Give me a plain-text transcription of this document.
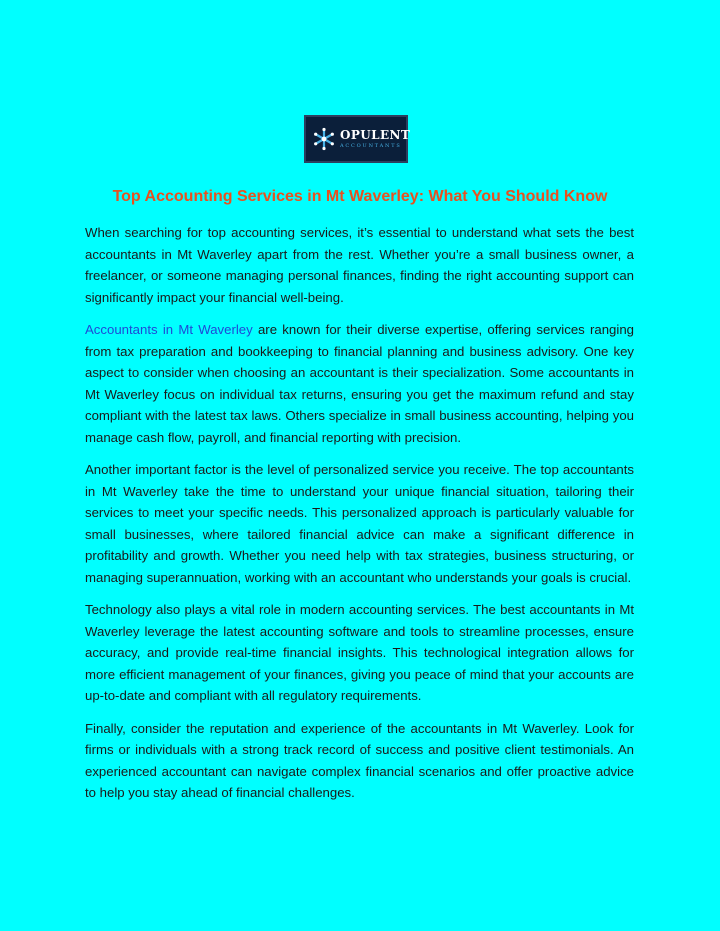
OPULENT
ACCOUNTANTS
Top Accounting Services in Mt Waverley: What You Should Know

When searching for top accounting services, it’s essential to understand what sets the best accountants in Mt Waverley apart from the rest. Whether you’re a small business owner, a freelancer, or someone managing personal finances, finding the right accounting support can significantly impact your financial well-being.

Accountants in Mt Waverley are known for their diverse expertise, offering services ranging from tax preparation and bookkeeping to financial planning and business advisory. One key aspect to consider when choosing an accountant is their specialization. Some accountants in Mt Waverley focus on individual tax returns, ensuring you get the maximum refund and stay compliant with the latest tax laws. Others specialize in small business accounting, helping you manage cash flow, payroll, and financial reporting with precision.

Another important factor is the level of personalized service you receive. The top accountants in Mt Waverley take the time to understand your unique financial situation, tailoring their services to meet your specific needs. This personalized approach is particularly valuable for small businesses, where tailored financial advice can make a significant difference in profitability and growth. Whether you need help with tax strategies, business structuring, or managing superannuation, working with an accountant who understands your goals is crucial.

Technology also plays a vital role in modern accounting services. The best accountants in Mt Waverley leverage the latest accounting software and tools to streamline processes, ensure accuracy, and provide real-time financial insights. This technological integration allows for more efficient management of your finances, giving you peace of mind that your accounts are up-to-date and compliant with all regulatory requirements.

Finally, consider the reputation and experience of the accountants in Mt Waverley. Look for firms or individuals with a strong track record of success and positive client testimonials. An experienced accountant can navigate complex financial scenarios and offer proactive advice to help you stay ahead of financial challenges.
